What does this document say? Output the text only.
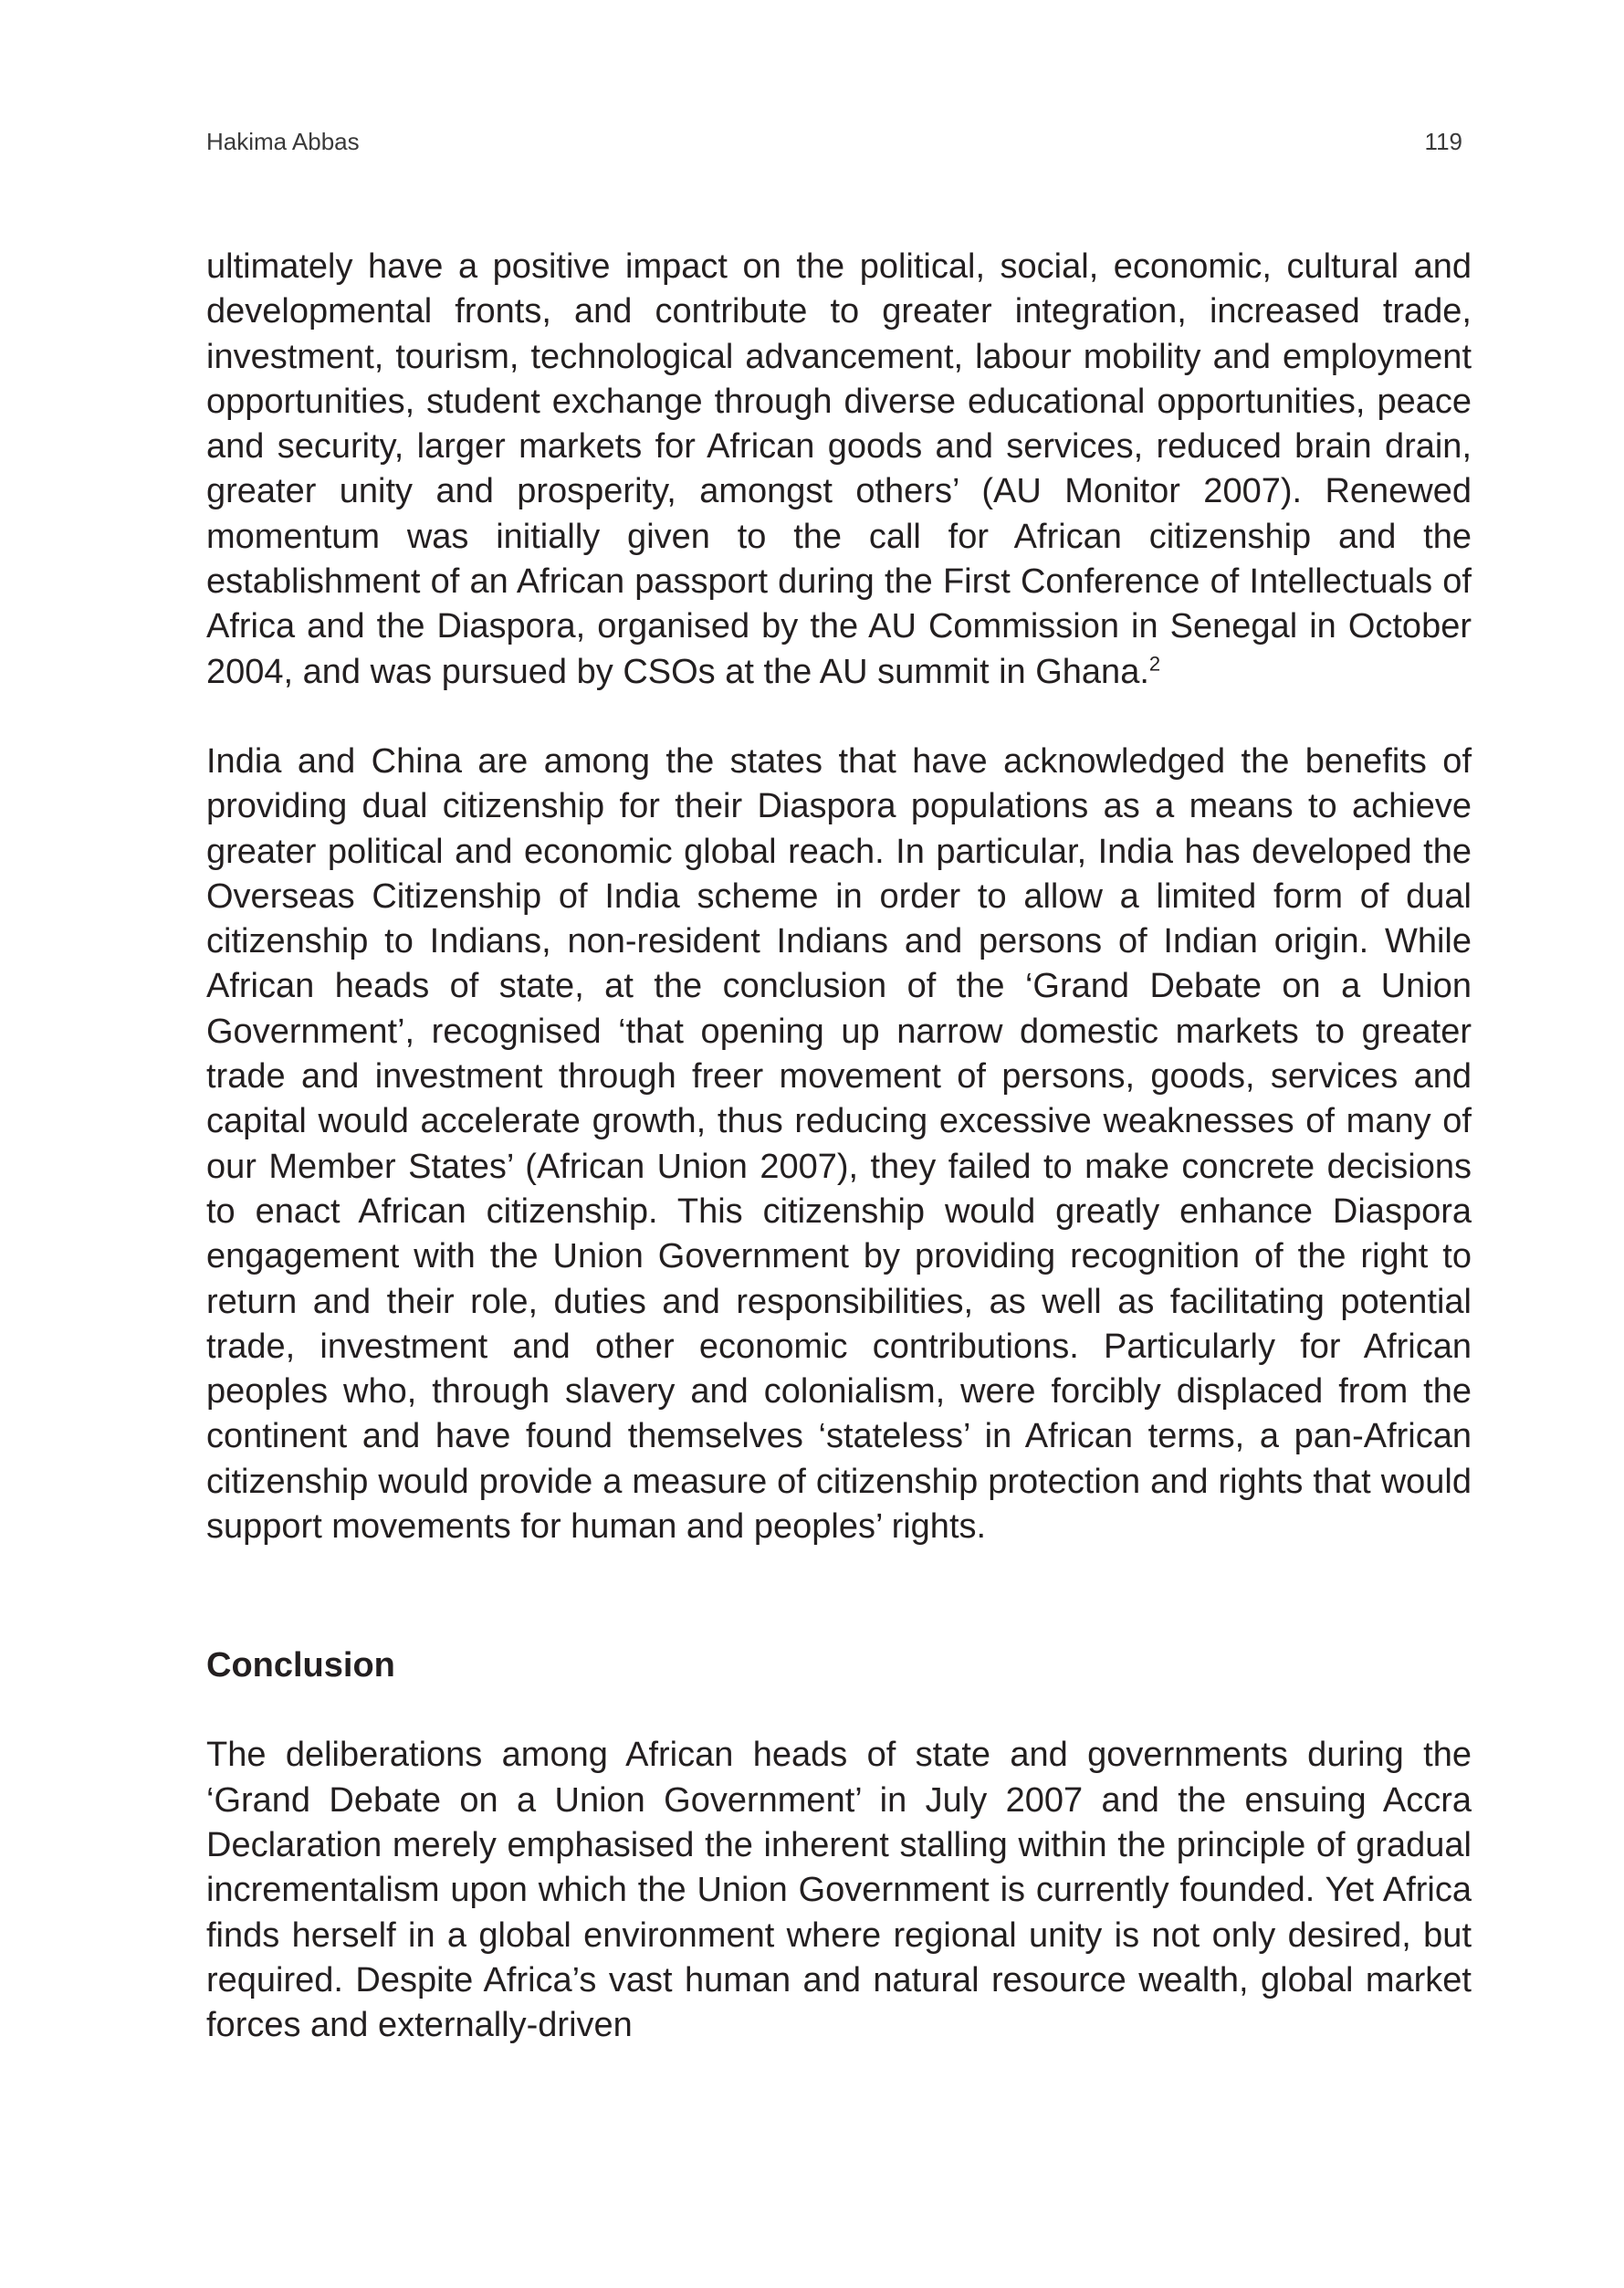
Hakima Abbas	119

ultimately have a positive impact on the political, social, economic, cultural and developmental fronts, and contribute to greater integration, increased trade, investment, tourism, technological advancement, labour mobility and employment opportunities, student exchange through diverse educational opportunities, peace and security, larger markets for African goods and services, reduced brain drain, greater unity and prosperity, amongst others’ (AU Monitor 2007). Renewed momentum was initially given to the call for African citizenship and the establishment of an African passport during the First Conference of Intellectuals of Africa and the Diaspora, organised by the AU Commission in Senegal in October 2004, and was pursued by CSOs at the AU summit in Ghana.$^2$

India and China are among the states that have acknowledged the benefits of providing dual citizenship for their Diaspora populations as a means to achieve greater political and economic global reach. In particular, India has developed the Overseas Citizenship of India scheme in order to allow a limited form of dual citizenship to Indians, non-resident Indians and persons of Indian origin. While African heads of state, at the conclusion of the ‘Grand Debate on a Union Government’, recognised ‘that opening up narrow domestic markets to greater trade and investment through freer movement of persons, goods, services and capital would accelerate growth, thus reducing excessive weaknesses of many of our Member States’ (African Union 2007), they failed to make concrete decisions to enact African citizenship. This citizenship would greatly enhance Diaspora engagement with the Union Government by providing recognition of the right to return and their role, duties and responsibilities, as well as facilitating potential trade, investment and other economic contributions. Particularly for African peoples who, through slavery and colonialism, were forcibly displaced from the continent and have found themselves ‘stateless’ in African terms, a pan-African citizenship would provide a measure of citizenship protection and rights that would support movements for human and peoples’ rights.

Conclusion

The deliberations among African heads of state and governments during the ‘Grand Debate on a Union Government’ in July 2007 and the ensuing Accra Declaration merely emphasised the inherent stalling within the principle of gradual incrementalism upon which the Union Government is currently founded. Yet Africa finds herself in a global environment where regional unity is not only desired, but required. Despite Africa’s vast human and natural resource wealth, global market forces and externally-driven
